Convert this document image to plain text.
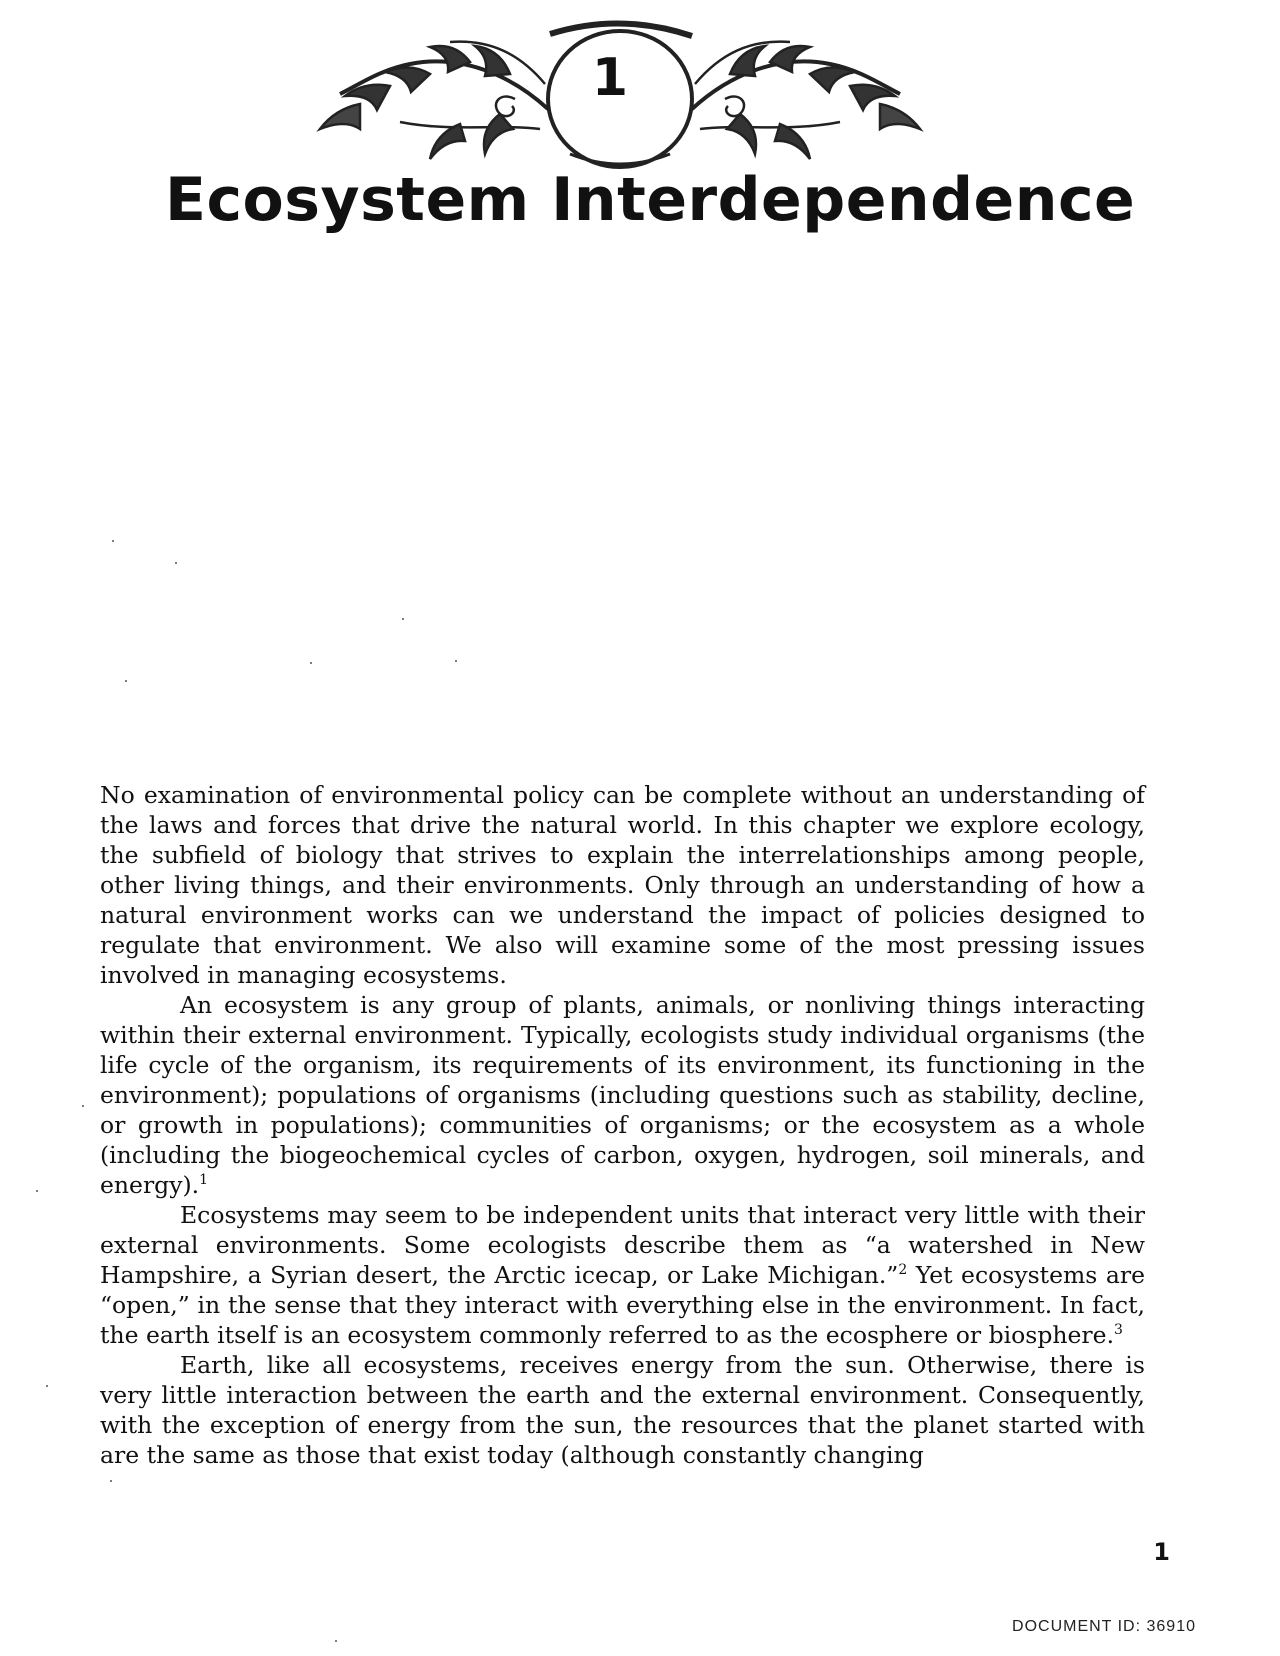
1
Ecosystem Interdependence

No examination of environmental policy can be complete without an understanding of the laws and forces that drive the natural world. In this chapter we explore ecology, the subfield of biology that strives to explain the interrelationships among people, other living things, and their environments. Only through an understanding of how a natural environment works can we understand the impact of policies designed to regulate that environment. We also will examine some of the most pressing issues involved in managing ecosystems.

An ecosystem is any group of plants, animals, or nonliving things interacting within their external environment. Typically, ecologists study individual organisms (the life cycle of the organism, its requirements of its environment, its functioning in the environment); populations of organisms (including questions such as stability, decline, or growth in populations); communities of organisms; or the ecosystem as a whole (including the biogeochemical cycles of carbon, oxygen, hydrogen, soil minerals, and energy).$^1$

Ecosystems may seem to be independent units that interact very little with their external environments. Some ecologists describe them as “a watershed in New Hampshire, a Syrian desert, the Arctic icecap, or Lake Michigan.”$^2$ Yet ecosystems are “open,” in the sense that they interact with everything else in the environment. In fact, the earth itself is an ecosystem commonly referred to as the ecosphere or biosphere.$^3$

Earth, like all ecosystems, receives energy from the sun. Otherwise, there is very little interaction between the earth and the external environment. Consequently, with the exception of energy from the sun, the resources that the planet started with are the same as those that exist today (although constantly changing

1
DOCUMENT ID: 36910
